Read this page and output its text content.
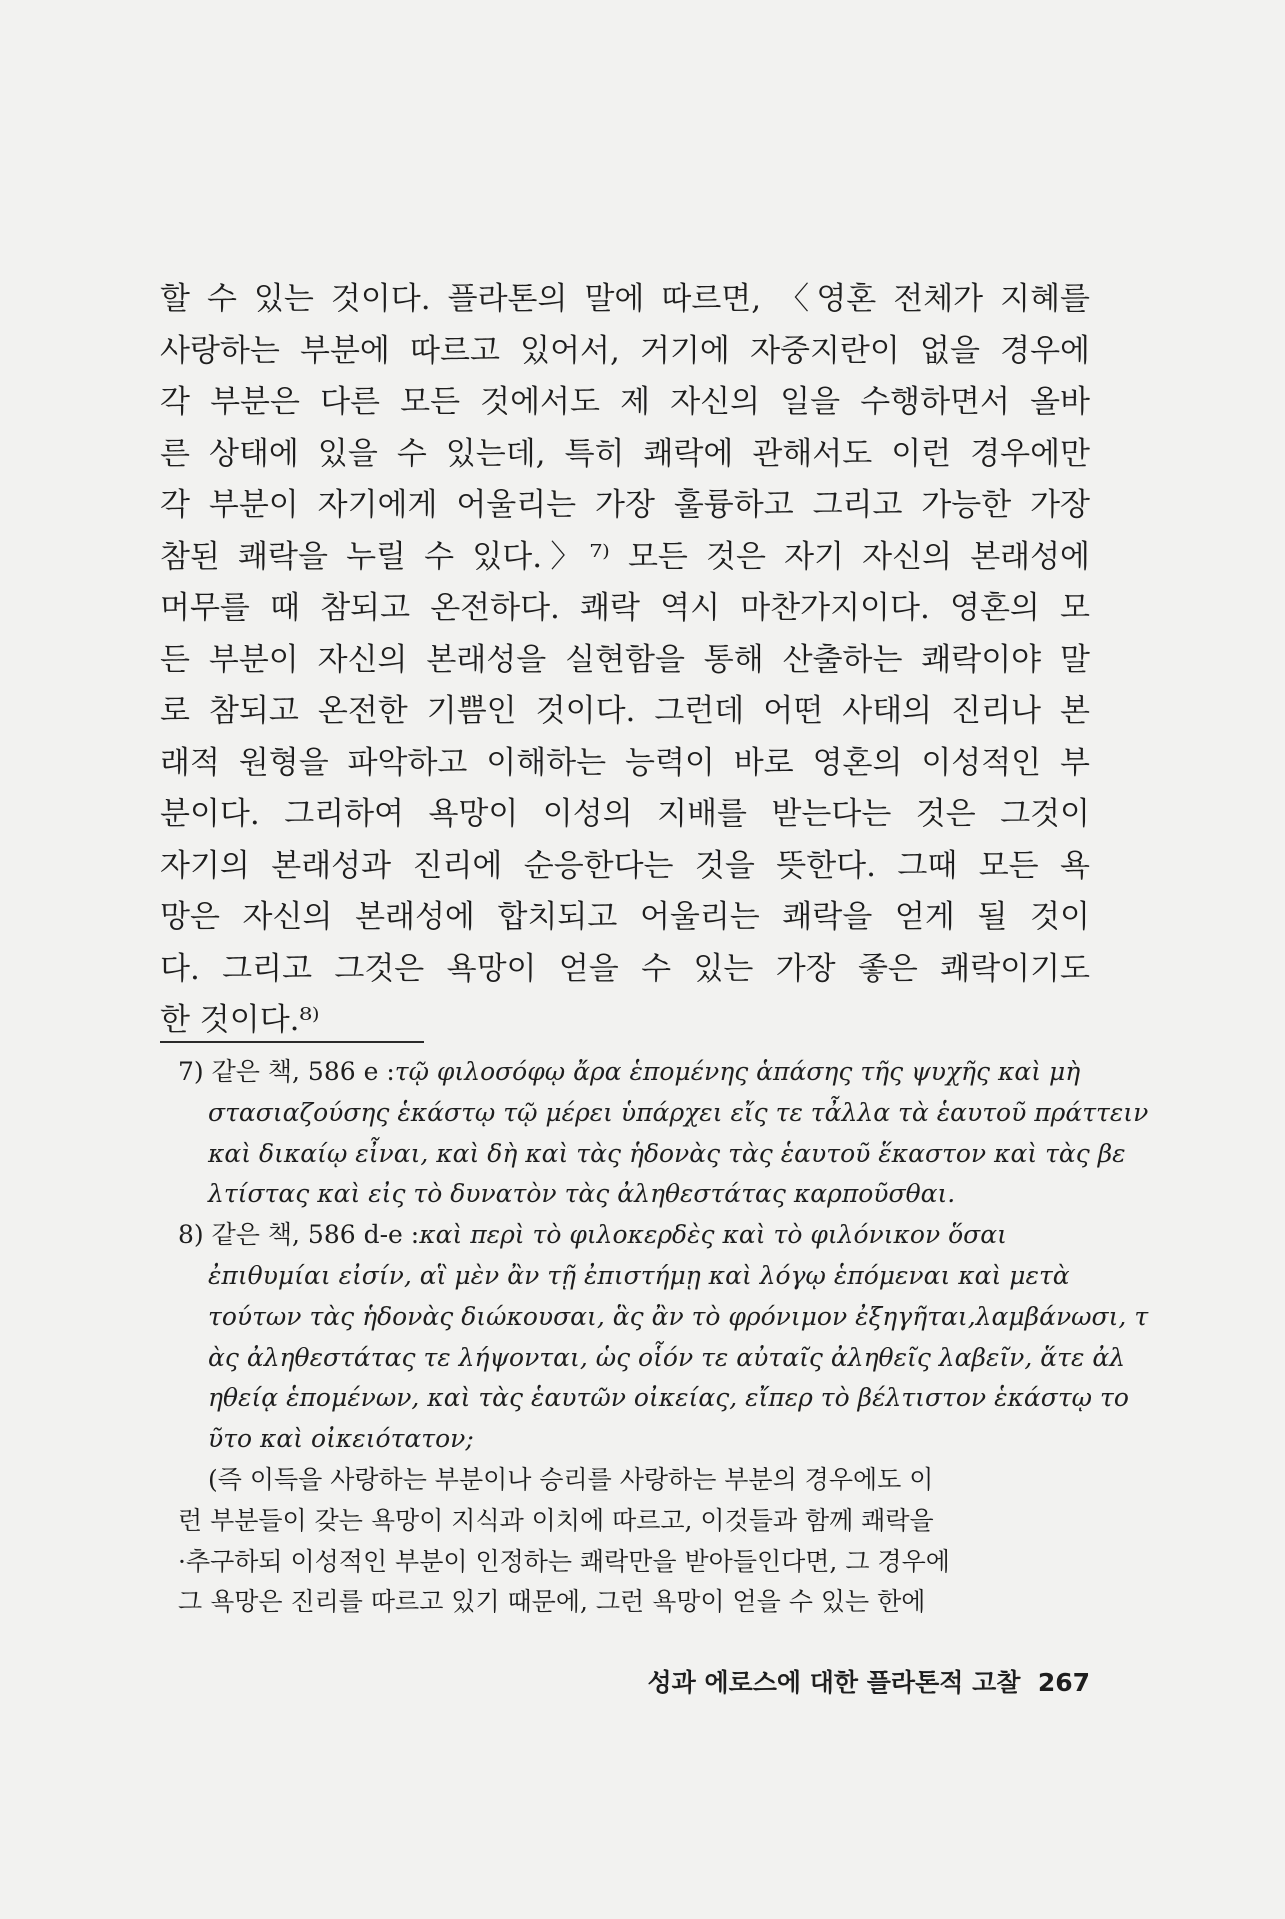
할 수 있는 것이다. 플라톤의 말에 따르면, 〈영혼 전체가 지혜를
사랑하는 부분에 따르고 있어서, 거기에 자중지란이 없을 경우에
각 부분은 다른 모든 것에서도 제 자신의 일을 수행하면서 올바
른 상태에 있을 수 있는데, 특히 쾌락에 관해서도 이런 경우에만
각 부분이 자기에게 어울리는 가장 훌륭하고 그리고 가능한 가장
참된 쾌락을 누릴 수 있다.〉⁷⁾ 모든 것은 자기 자신의 본래성에
머무를 때 참되고 온전하다. 쾌락 역시 마찬가지이다. 영혼의 모
든 부분이 자신의 본래성을 실현함을 통해 산출하는 쾌락이야 말
로 참되고 온전한 기쁨인 것이다. 그런데 어떤 사태의 진리나 본
래적 원형을 파악하고 이해하는 능력이 바로 영혼의 이성적인 부
분이다. 그리하여 욕망이 이성의 지배를 받는다는 것은 그것이
자기의 본래성과 진리에 순응한다는 것을 뜻한다. 그때 모든 욕
망은 자신의 본래성에 합치되고 어울리는 쾌락을 얻게 될 것이
다. 그리고 그것은 욕망이 얻을 수 있는 가장 좋은 쾌락이기도
한 것이다.⁸⁾
7) 같은 책, 586 e :τῷ φιλοσόφῳ ἄρα ἑπομένης ἁπάσης τῆς ψυχῆς καὶ μὴ
στασιαζούσης ἑκάστῳ τῷ μέρει ὑπάρχει εἴς τε τἆλλα τὰ ἑαυτοῦ πράττειν
καὶ δικαίῳ εἶναι, καὶ δὴ καὶ τὰς ἡδονὰς τὰς ἑαυτοῦ ἕκαστον καὶ τὰς βε
λτίστας καὶ εἰς τὸ δυνατὸν τὰς ἀληθεστάτας καρποῦσθαι.
8) 같은 책, 586 d-e :καὶ περὶ τὸ φιλοκερδὲς καὶ τὸ φιλόνικον ὅσαι
ἐπιθυμίαι εἰσίν, αἳ μὲν ἂν τῇ ἐπιστήμῃ καὶ λόγῳ ἑπόμεναι καὶ μετὰ
τούτων τὰς ἡδονὰς διώκουσαι, ἃς ἂν τὸ φρόνιμον ἐξηγῆται,λαμβάνωσι, τ
ὰς ἀληθεστάτας τε λήψονται, ὡς οἷόν τε αὐταῖς ἀληθεῖς λαβεῖν, ἅτε ἀλ
ηθείᾳ ἑπομένων, καὶ τὰς ἑαυτῶν οἰκείας, εἴπερ τὸ βέλτιστον ἑκάστῳ το
ῦτο καὶ οἰκειότατον;
(즉 이득을 사랑하는 부분이나 승리를 사랑하는 부분의 경우에도 이
런 부분들이 갖는 욕망이 지식과 이치에 따르고, 이것들과 함께 쾌락을
·추구하되 이성적인 부분이 인정하는 쾌락만을 받아들인다면, 그 경우에
그 욕망은 진리를 따르고 있기 때문에, 그런 욕망이 얻을 수 있는 한에
성과 에로스에 대한 플라톤적 고찰 267
